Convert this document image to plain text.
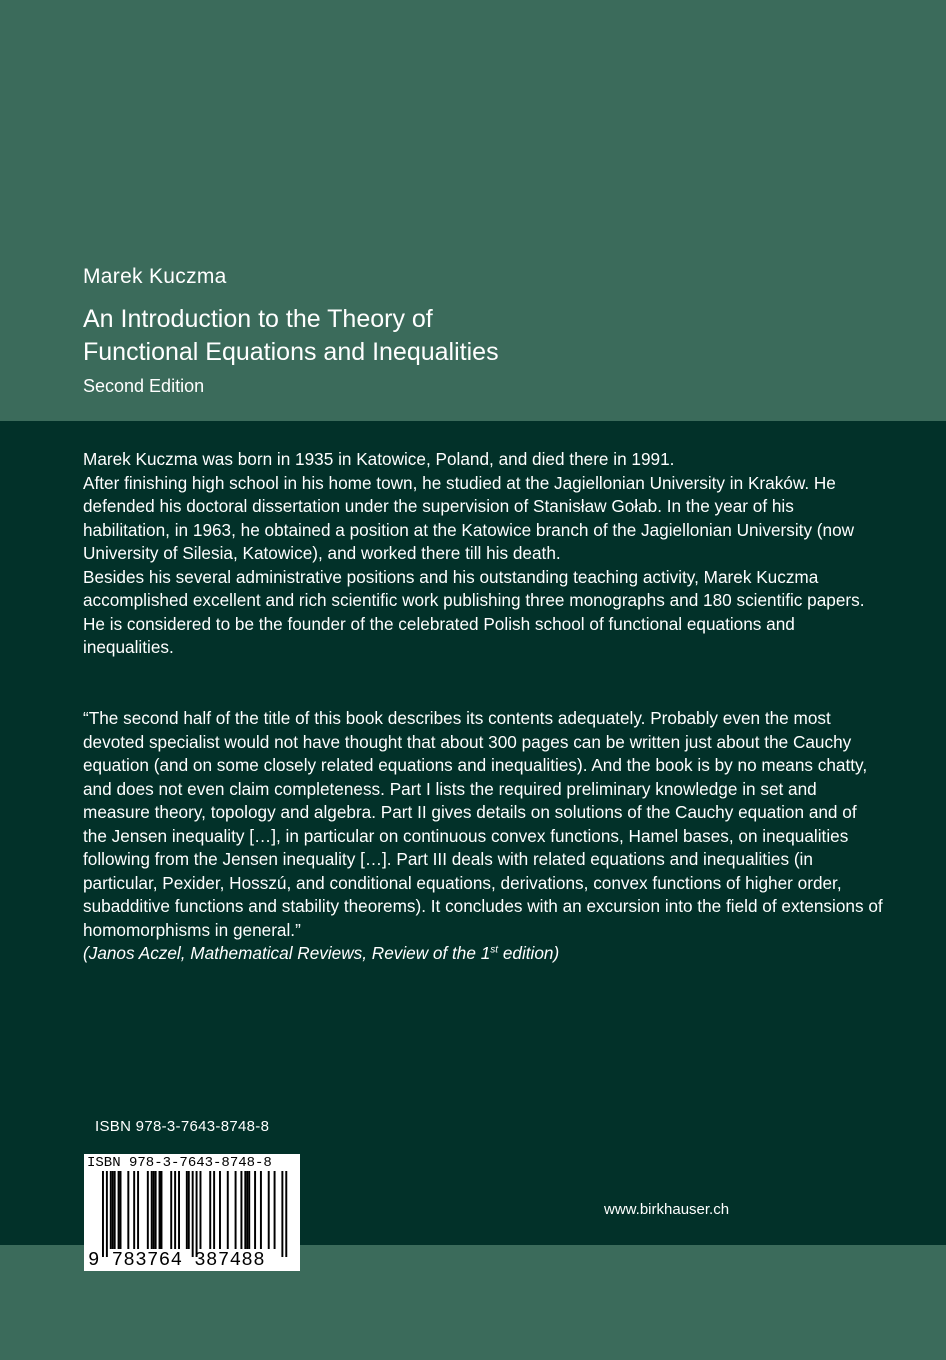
Marek Kuczma
An Introduction to the Theory of
Functional Equations and Inequalities
Second Edition

Marek Kuczma was born in 1935 in Katowice, Poland, and died there in 1991.

After finishing high school in his home town, he studied at the Jagiellonian University in Kraków. He defended his doctoral dissertation under the supervision of Stanisław Gołab. In the year of his habilitation, in 1963, he obtained a position at the Katowice branch of the Jagiellonian University (now University of Silesia, Katowice), and worked there till his death.

Besides his several administrative positions and his outstanding teaching activity, Marek Kuczma accomplished excellent and rich scientific work publishing three monographs and 180 scientific papers. He is considered to be the founder of the celebrated Polish school of functional equations and inequalities.

“The second half of the title of this book describes its contents adequately. Probably even the most devoted specialist would not have thought that about 300 pages can be written just about the Cauchy equation (and on some closely related equations and inequalities). And the book is by no means chatty, and does not even claim completeness. Part I lists the required preliminary knowledge in set and measure theory, topology and algebra. Part II gives details on solutions of the Cauchy equation and of the Jensen inequality […], in particular on continuous convex functions, Hamel bases, on inequalities following from the Jensen inequality […]. Part III deals with related equations and inequalities (in particular, Pexider, Hosszú, and conditional equations, derivations, convex functions of higher order, subadditive functions and stability theorems). It concludes with an excursion into the field of extensions of homomorphisms in general.”

(Janos Aczel, Mathematical Reviews, Review of the 1st edition)

ISBN 978-3-7643-8748-8
ISBN 978-3-7643-8748-8
9 783764 387488
www.birkhauser.ch
